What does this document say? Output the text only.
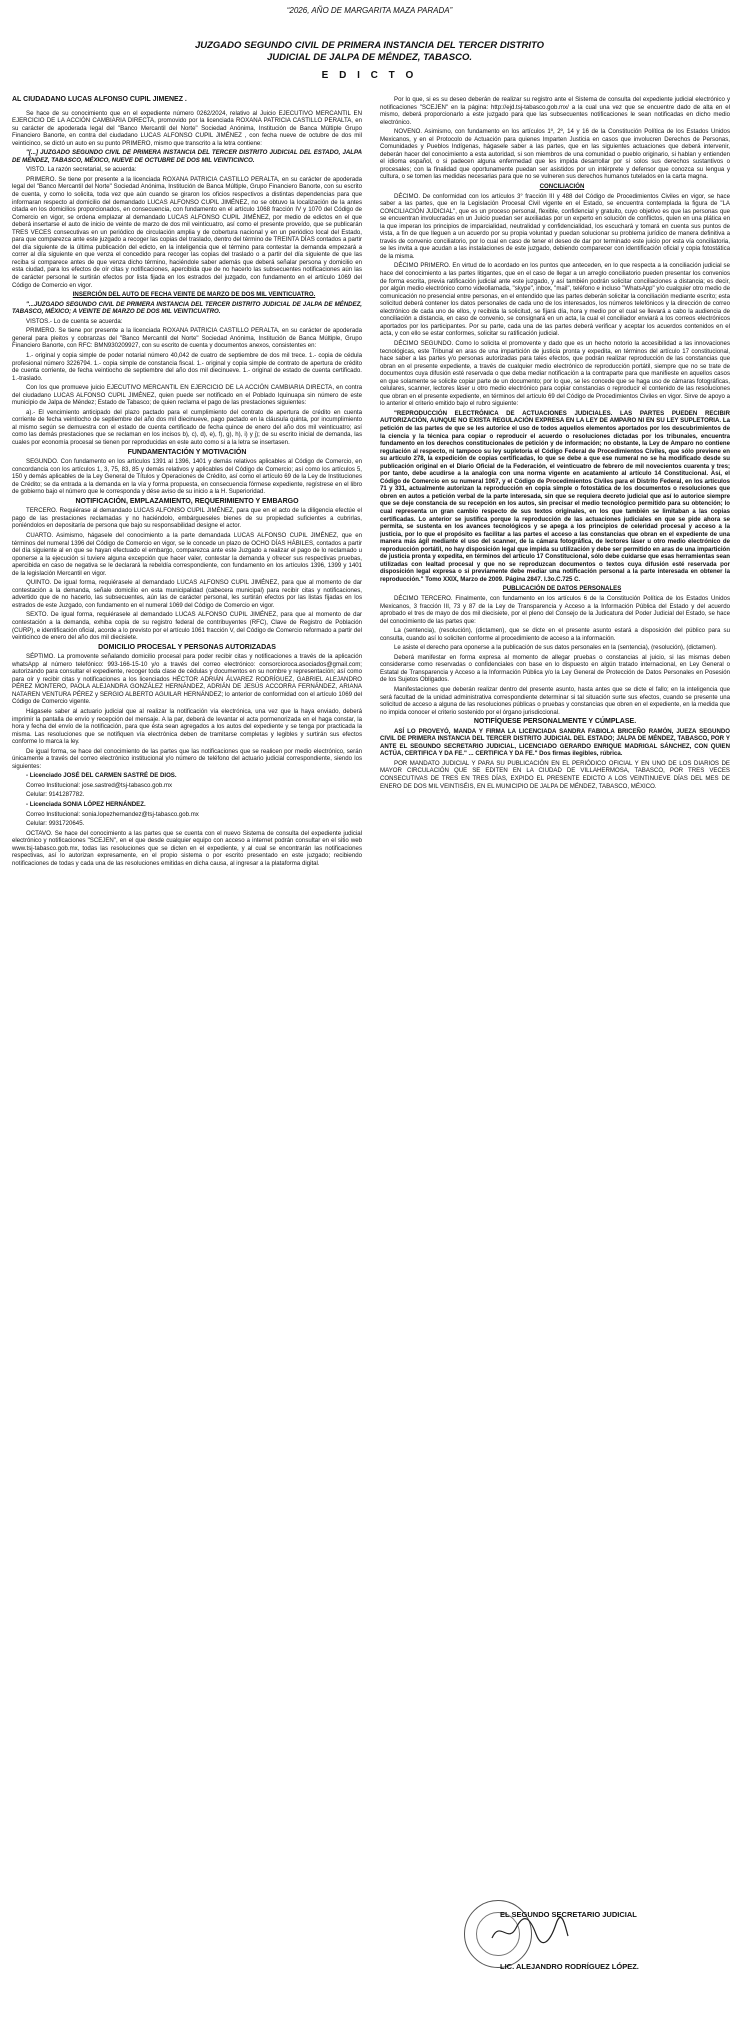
“2026, AÑO DE MARGARITA MAZA PARADA”
JUZGADO SEGUNDO CIVIL DE PRIMERA INSTANCIA DEL TERCER DISTRITO
JUDICIAL DE JALPA DE MÉNDEZ, TABASCO.
E D I C T O

AL CIUDADANO LUCAS ALFONSO CUPIL JIMÉNEZ .

Se hace de su conocimiento que en el expediente número 0262/2024, relativo al Juicio EJECUTIVO MERCANTIL EN EJERCICIO DE LA ACCIÓN CAMBIARIA DIRECTA, promovido por la licenciada ROXANA PATRICIA CASTILLO PERALTA, en su carácter de apoderada legal del "Banco Mercantil del Norte" Sociedad Anónima, Institución de Banca Múltiple Grupo Financiero Banorte, en contra del ciudadano LUCAS ALFONSO CUPIL JIMÉNEZ , con fecha nueve de octubre de dos mil veinticinco, se dictó un auto en su punto PRIMERO, mismo que transcrito a la letra contiene:

"[...] JUZGADO SEGUNDO CIVIL DE PRIMERA INSTANCIA DEL TERCER DISTRITO JUDICIAL DEL ESTADO, JALPA DE MÉNDEZ, TABASCO, MÉXICO, NUEVE DE OCTUBRE DE DOS MIL VEINTICINCO.

VISTO. La razón secretarial, se acuerda:

PRIMERO. Se tiene por presente a la licenciada ROXANA PATRICIA CASTILLO PERALTA, en su carácter de apoderada legal del "Banco Mercantil del Norte" Sociedad Anónima, Institución de Banca Múltiple, Grupo Financiero Banorte, con su escrito de cuenta, y como lo solicita, toda vez que aún cuando se giraron los oficios respectivos a distintas dependencias para que informaran respecto al domicilio del demandado LUCAS ALFONSO CUPIL JIMÉNEZ, no se obtuvo la localización de la antes citada en los domicilios proporcionados, en consecuencia, con fundamento en el artículo 1068 fracción IV y 1070 del Código de Comercio en vigor, se ordena emplazar al demandado LUCAS ALFONSO CUPIL JIMÉNEZ, por medio de edictos en el que deberá insertarse el auto de inicio de veinte de marzo de dos mil veinticuatro, así como el presente proveído, que se publicarán TRES VECES consecutivas en un periódico de circulación amplia y de cobertura nacional y en un periódico local del Estado, para que comparezca ante este juzgado a recoger las copias del traslado, dentro del término de TREINTA DÍAS contados a partir del día siguiente de la última publicación del edicto, en la inteligencia que el término para contestar la demanda empezará a correr al día siguiente en que venza el concedido para recoger las copias del traslado o a partir del día siguiente de que las reciba si comparece antes de que venza dicho término, haciéndole saber además que deberá señalar persona y domicilio en esta ciudad, para los efectos de oír citas y notificaciones, apercibida que de no hacerlo las subsecuentes notificaciones aún las de carácter personal le surtirán efectos por lista fijada en los estrados del juzgado, con fundamento en el artículo 1069 del Código de Comercio en vigor.

INSERCIÓN DEL AUTO DE FECHA VEINTE DE MARZO DE DOS MIL VEINTICUATRO.

"...JUZGADO SEGUNDO CIVIL DE PRIMERA INSTANCIA DEL TERCER DISTRITO JUDICIAL DE JALPA DE MÉNDEZ, TABASCO, MÉXICO; A VEINTE DE MARZO DE DOS MIL VEINTICUATRO.

VISTOS.- Lo de cuenta se acuerda:

PRIMERO. Se tiene por presente a la licenciada ROXANA PATRICIA CASTILLO PERALTA, en su carácter de apoderada general para pleitos y cobranzas del "Banco Mercantil del Norte" Sociedad Anónima, Institución de Banca Múltiple, Grupo Financiero Banorte, con RFC: BMN930209927, con su escrito de cuenta y documentos anexos, consistentes en:

1.- original y copia simple de poder notarial número 40,042 de cuatro de septiembre de dos mil trece. 1.- copia de cédula profesional número 3226794. 1.- copia simple de constancia fiscal. 1.- original y copia simple de contrato de apertura de crédito de cuenta corriente, de fecha veintiocho de septiembre del año dos mil diecinueve. 1.- original de estado de cuenta certificado. 1.-traslado.

Con los que promueve juicio EJECUTIVO MERCANTIL EN EJERCICIO DE LA ACCIÓN CAMBIARIA DIRECTA, en contra del ciudadano LUCAS ALFONSO CUPIL JIMÉNEZ, quien puede ser notificado en el Poblado Iquinuapa sin número de este municipio de Jalpa de Méndez; Estado de Tabasco; de quien reclama el pago de las prestaciones siguientes:

a).- El vencimiento anticipado del plazo pactado para el cumplimiento del contrato de apertura de crédito en cuenta corriente de fecha veintiocho de septiembre del año dos mil diecinueve, pago pactado en la cláusula quinta, por incumplimiento al mismo según se demuestra con el estado de cuenta certificado de fecha quince de enero del año dos mil veinticuatro; así como las demás prestaciones que se reclaman en los incisos b), c), d), e), f), g), h), i) y j); de su escrito inicial de demanda, las cuales por economía procesal se tienen por reproducidas en este auto como si a la letra se insertasen.

FUNDAMENTACIÓN Y MOTIVACIÓN

SEGUNDO. Con fundamento en los artículos 1391 al 1396, 1401 y demás relativos aplicables al Código de Comercio, en concordancia con los artículos 1, 3, 75, 83, 85 y demás relativos y aplicables del Código de Comercio; así como los artículos 5, 150 y demás aplicables de la Ley General de Títulos y Operaciones de Crédito, así como el artículo 69 de la Ley de Instituciones de Crédito; se da entrada a la demanda en la vía y forma propuesta, en consecuencia fórmese expediente, regístrese en el libro de gobierno bajo el número que le corresponda y dése aviso de su inicio a la H. Superioridad.

NOTIFICACIÓN, EMPLAZAMIENTO, REQUERIMIENTO Y EMBARGO

TERCERO. Requiérase al demandado LUCAS ALFONSO CUPIL JIMÉNEZ, para que en el acto de la diligencia efectúe el pago de las prestaciones reclamadas y no haciéndolo, embárgueseles bienes de su propiedad suficientes a cubrirlas, poniéndolos en depositaría de persona que bajo su responsabilidad designe el actor.

CUARTO. Asimismo, hágasele del conocimiento a la parte demandada LUCAS ALFONSO CUPIL JIMÉNEZ, que en términos del numeral 1396 del Código de Comercio en vigor, se le concede un plazo de OCHO DÍAS HÁBILES, contados a partir del día siguiente al en que se hayan efectuado el embargo, comparezca ante este Juzgado a realizar el pago de lo reclamado u oponerse a la ejecución si tuviere alguna excepción que hacer valer, contestar la demanda y ofrecer sus respectivas pruebas, apercibida en caso de negativa se le declarará la rebeldía correspondiente, con fundamento en los artículos 1396, 1399 y 1401 de la legislación Mercantil en vigor.

QUINTO. De igual forma, requiérasele al demandado LUCAS ALFONSO CUPIL JIMÉNEZ, para que al momento de dar contestación a la demanda, señale domicilio en esta municipalidad (cabecera municipal) para recibir citas y notificaciones, advertido que de no hacerlo, las subsecuentes, aún las de carácter personal, les surtirán efectos por las listas fijadas en los estrados de este Juzgado, con fundamento en el numeral 1069 del Código de Comercio en vigor.

SEXTO. De igual forma, requiérasele al demandado LUCAS ALFONSO CUPIL JIMÉNEZ, para que al momento de dar contestación a la demanda, exhiba copia de su registro federal de contribuyentes (RFC), Clave de Registro de Población (CURP), e identificación oficial, acorde a lo previsto por el artículo 1061 fracción V, del Código de Comercio reformado a partir del veinticinco de enero del año dos mil diecisiete.

DOMICILIO PROCESAL Y PERSONAS AUTORIZADAS

SÉPTIMO. La promovente señalando domicilio procesal para poder recibir citas y notificaciones a través de la aplicación whatsApp al número telefónico: 993-166-15-10 y/o a través del correo electrónico: consorcioroca.asociados@gmail.com; autorizando para consultar el expediente, recoger toda clase de cédulas y documentos en su nombre y representación; así como para oír y recibir citas y notificaciones a los licenciados HÉCTOR ADRIÁN ÁLVAREZ RODRÍGUEZ, GABRIEL ALEJANDRO PÉREZ MONTERO, PAOLA ALEJANDRA GONZÁLEZ HERNÁNDEZ, ADRIÁN DE JESÚS ACCORRA FERNÁNDEZ, ARIANA NATAREN VENTURA PÉREZ y SERGIO ALBERTO AGUILAR HERNÁNDEZ; lo anterior de conformidad con el artículo 1069 del Código de Comercio vigente.

Hágasele saber al actuario judicial que al realizar la notificación vía electrónica, una vez que la haya enviado, deberá imprimir la pantalla de envío y recepción del mensaje. A la par, deberá de levantar el acta pormenorizada en el haga constar, la hora y fecha del envío de la notificación, para que ésta sean agregados a los autos del expediente y se tenga por practicada la misma. Las resoluciones que se notifiquen vía electrónica deben de tramitarse completas y legibles y surtirán sus efectos conforme lo marca la ley.

De igual forma, se hace del conocimiento de las partes que las notificaciones que se realicen por medio electrónico, serán únicamente a través del correo electrónico institucional y/o número de teléfono del actuario judicial correspondiente, siendo los siguientes:

- Licenciado JOSÉ DEL CARMEN SASTRÉ DE DIOS.

Correo Institucional: jose.sastred@tsj-tabasco.gob.mx

Celular: 9141287782.

- Licenciada SONIA LÓPEZ HERNÁNDEZ.

Correo Institucional: sonia.lopezhernandez@tsj-tabasco.gob.mx

Celular: 9931720645.

OCTAVO. Se hace del conocimiento a las partes que se cuenta con el nuevo Sistema de consulta del expediente judicial electrónico y notificaciones "SCEJEN", en el que desde cualquier equipo con acceso a internet podrán consultar en el sitio web www.tsj-tabasco.gob.mx, todas las resoluciones que se dicten en el expediente, y al cual se encontrarán las notificaciones respectivas, así lo autorizan expresamente, en el propio sistema o por escrito presentado en este juzgado; recibiendo notificaciones de todas y cada una de las resoluciones emitidas en dicha causa, al ingresar a la plataforma digital.

Por lo que, si es su deseo deberán de realizar su registro ante el Sistema de consulta del expediente judicial electrónico y notificaciones "SCEJEN" en la página: http://ejd.tsj-tabasco.gob.mx/ a la cual una vez que se encuentre dado de alta en el mismo, deberá proporcionarlo a este juzgado para que las subsecuentes notificaciones le sean notificadas en dicho medio electrónico.

NOVENO. Asimismo, con fundamento en los artículos 1º, 2º, 14 y 16 de la Constitución Política de los Estados Unidos Mexicanos, y en el Protocolo de Actuación para quienes Imparten Justicia en casos que involucren Derechos de Personas, Comunidades y Pueblos Indígenas, hágasele saber a las partes, que en las siguientes actuaciones que deberá intervenir, deberán hacer del conocimiento a esta autoridad, si son miembros de una comunidad o pueblo originario, si hablan y entienden el idioma español, o si padecen alguna enfermedad que les impida desarrollar por sí solos sus derechos sustantivos o procesales; con la finalidad que oportunamente puedan ser asistidos por un intérprete y defensor que conozca su lengua y cultura, o se tomen las medidas necesarias para que no se vulneren sus derechos humanos tutelados en la carta magna.

CONCILIACIÓN

DÉCIMO. De conformidad con los artículos 3° fracción III y 488 del Código de Procedimientos Civiles en vigor, se hace saber a las partes, que en la Legislación Procesal Civil vigente en el Estado, se encuentra contemplada la figura de "LA CONCILIACIÓN JUDICIAL", que es un proceso personal, flexible, confidencial y gratuito, cuyo objetivo es que las personas que se encuentran involucradas en un Juicio puedan ser auxiliadas por un experto en solución de conflictos, quien en una plática en la que imperan los principios de imparcialidad, neutralidad y confidencialidad, los escuchará y tomará en cuenta sus puntos de vista, a fin de que lleguen a un acuerdo por su propia voluntad y puedan solucionar su problema jurídico de manera definitiva a través de convenio conciliatorio, por lo cual en caso de tener el deseo de dar por terminado este juicio por esta vía conciliatoria, se les invita a que acudan a las instalaciones de este juzgado, debiendo comparecer con identificación oficial y copia fotostática de la misma.

DÉCIMO PRIMERO. En virtud de lo acordado en los puntos que anteceden, en lo que respecta a la conciliación judicial se hace del conocimiento a las partes litigantes, que en el caso de llegar a un arreglo conciliatorio pueden presentar los convenios de forma escrita, previa ratificación judicial ante este juzgado, y así también podrán solicitar conciliaciones a distancia; es decir, por algún medio electrónico como videollamada, "skype", inbox, "mail", teléfono e incluso "WhatsApp" y/o cualquier otro medio de comunicación no presencial entre personas, en el entendido que las partes deberán solicitar la conciliación mediante escrito; esta solicitud deberá contener los datos personales de cada uno de los interesados, los números telefónicos y la dirección de correo electrónico de cada uno de ellos, y recibida la solicitud, se fijará día, hora y medio por el cual se llevará a cabo la audiencia de conciliación a distancia, en caso de convenio, se consignará en un acta, la cual el conciliador enviará a los correos electrónicos aportados por los participantes. Por su parte, cada una de las partes deberá verificar y aceptar los acuerdos contenidos en el acta, y con ello se estar conformes, solicitar su ratificación judicial.

DÉCIMO SEGUNDO. Como lo solicita el promovente y dado que es un hecho notorio la accesibilidad a las innovaciones tecnológicas, este Tribunal en aras de una impartición de justicia pronta y expedita, en términos del artículo 17 constitucional, hace saber a las partes y/o personas autorizadas para tales efectos, que podrán realizar reproducción de las constancias que obran en el presente expediente, a través de cualquier medio electrónico de reproducción portátil, siempre que no se trate de documentos cuya difusión esté reservada o que deba mediar notificación a la contraparte para que manifieste en aquellos casos en que solamente se solicite copiar parte de un documento; por lo que, se les concede que se haga uso de cámaras fotográficas, celulares, scanner, lectores láser u otro medio electrónico para copiar constancias o reproducir el contenido de las resoluciones que obran en el presente expediente, en términos del artículo 69 del Código de Procedimientos Civiles en vigor. Sirve de apoyo a lo anterior el criterio emitido bajo el rubro siguiente:

"REPRODUCCIÓN ELECTRÓNICA DE ACTUACIONES JUDICIALES. LAS PARTES PUEDEN RECIBIR AUTORIZACIÓN, AUNQUE NO EXISTA REGULACIÓN EXPRESA EN LA LEY DE AMPARO NI EN SU LEY SUPLETORIA. La petición de las partes de que se les autorice el uso de todos aquellos elementos aportados por los descubrimientos de la ciencia y la técnica para copiar o reproducir el acuerdo o resoluciones dictadas por los tribunales, encuentra fundamento en los derechos constitucionales de petición y de información; no obstante, la Ley de Amparo no contiene regulación al respecto, ni tampoco su ley supletoria el Código Federal de Procedimientos Civiles, que sólo previene en su artículo 278, la expedición de copias certificadas, lo que se debe a que ese numeral no se ha modificado desde su publicación original en el Diario Oficial de la Federación, el veinticuatro de febrero de mil novecientos cuarenta y tres; por tanto, debe acudirse a la analogía con una norma vigente en acatamiento al artículo 14 Constitucional. Así, el Código de Comercio en su numeral 1067, y el Código de Procedimientos Civiles para el Distrito Federal, en los artículos 71 y 331, actualmente autorizan la reproducción en copia simple o fotostática de los documentos o resoluciones que obren en autos a petición verbal de la parte interesada, sin que se requiera decreto judicial que así lo autorice siempre que se deje constancia de su recepción en los autos, sin precisar el medio tecnológico permitido para su obtención; lo cual representa un gran cambio respecto de sus textos originales, en los que también se limitaban a las copias certificadas. Lo anterior se justifica porque la reproducción de las actuaciones judiciales en que se pide ahora se permita, se sustenta en los avances tecnológicos y se apega a los principios de celeridad procesal y acceso a la justicia, por lo que el propósito es facilitar a las partes el acceso a las constancias que obran en el expediente de una manera más ágil mediante el uso del scanner, de la cámara fotográfica, de lectores láser u otro medio electrónico de reproducción portátil, no hay disposición legal que impida su utilización y debe ser permitido en aras de una impartición de justicia pronta y expedita, en términos del artículo 17 Constitucional, sólo debe cuidarse que esas herramientas sean utilizadas con lealtad procesal y que no se reproduzcan documentos o textos cuya difusión esté reservada por disposición legal expresa o si previamente debe mediar una notificación personal a la parte interesada en obtener la reproducción." Tomo XXIX, Marzo de 2009. Página 2847. I.3o.C.725 C.

PUBLICACIÓN DE DATOS PERSONALES

DÉCIMO TERCERO. Finalmente, con fundamento en los artículos 6 de la Constitución Política de los Estados Unidos Mexicanos, 3 fracción III, 73 y 87 de la Ley de Transparencia y Acceso a la Información Pública del Estado y del acuerdo aprobado el tres de mayo de dos mil diecisiete, por el pleno del Consejo de la Judicatura del Poder Judicial del Estado, se hace del conocimiento de las partes que:

La (sentencia), (resolución), (dictamen), que se dicte en el presente asunto estará a disposición del público para su consulta, cuando así lo soliciten conforme al procedimiento de acceso a la información.

Le asiste el derecho para oponerse a la publicación de sus datos personales en la (sentencia), (resolución), (dictamen).

Deberá manifestar en forma expresa al momento de allegar pruebas o constancias al juicio, si las mismas deben considerarse como reservadas o confidenciales con base en lo dispuesto en algún tratado internacional, en Ley General o Estatal de Transparencia y Acceso a la Información Pública y/o la Ley General de Protección de Datos Personales en Posesión de los Sujetos Obligados.

Manifestaciones que deberán realizar dentro del presente asunto, hasta antes que se dicte el fallo; en la inteligencia que será facultad de la unidad administrativa correspondiente determinar si tal situación surte sus efectos, cuando se presente una solicitud de acceso a alguna de las resoluciones públicas o pruebas y constancias que obren en el expediente, en la medida que no impida conocer el criterio sostenido por el órgano jurisdiccional.

NOTIFÍQUESE PERSONALMENTE Y CÚMPLASE.

ASÍ LO PROVEYÓ, MANDA Y FIRMA LA LICENCIADA SANDRA FABIOLA BRICEÑO RAMÓN, JUEZA SEGUNDO CIVIL DE PRIMERA INSTANCIA DEL TERCER DISTRITO JUDICIAL DEL ESTADO; JALPA DE MÉNDEZ, TABASCO, POR Y ANTE EL SEGUNDO SECRETARIO JUDICIAL, LICENCIADO GERARDO ENRIQUE MADRIGAL SÁNCHEZ, CON QUIEN ACTÚA, CERTIFICA Y DA FE." ... CERTIFICA Y DA FE." Dos firmas ilegibles, rúbrica.

POR MANDATO JUDICIAL Y PARA SU PUBLICACIÓN EN EL PERIÓDICO OFICIAL Y EN UNO DE LOS DIARIOS DE MAYOR CIRCULACIÓN QUE SE EDITEN EN LA CIUDAD DE VILLAHERMOSA, TABASCO, POR TRES VECES CONSECUTIVAS DE TRES EN TRES DÍAS, EXPIDO EL PRESENTE EDICTO A LOS VEINTINUEVE DÍAS DEL MES DE ENERO DE DOS MIL VEINTISÉIS, EN EL MUNICIPIO DE JALPA DE MÉNDEZ, TABASCO, MÉXICO.

EL SEGUNDO SECRETARIO JUDICIAL
LIC. ALEJANDRO RODRÍGUEZ LÓPEZ.
